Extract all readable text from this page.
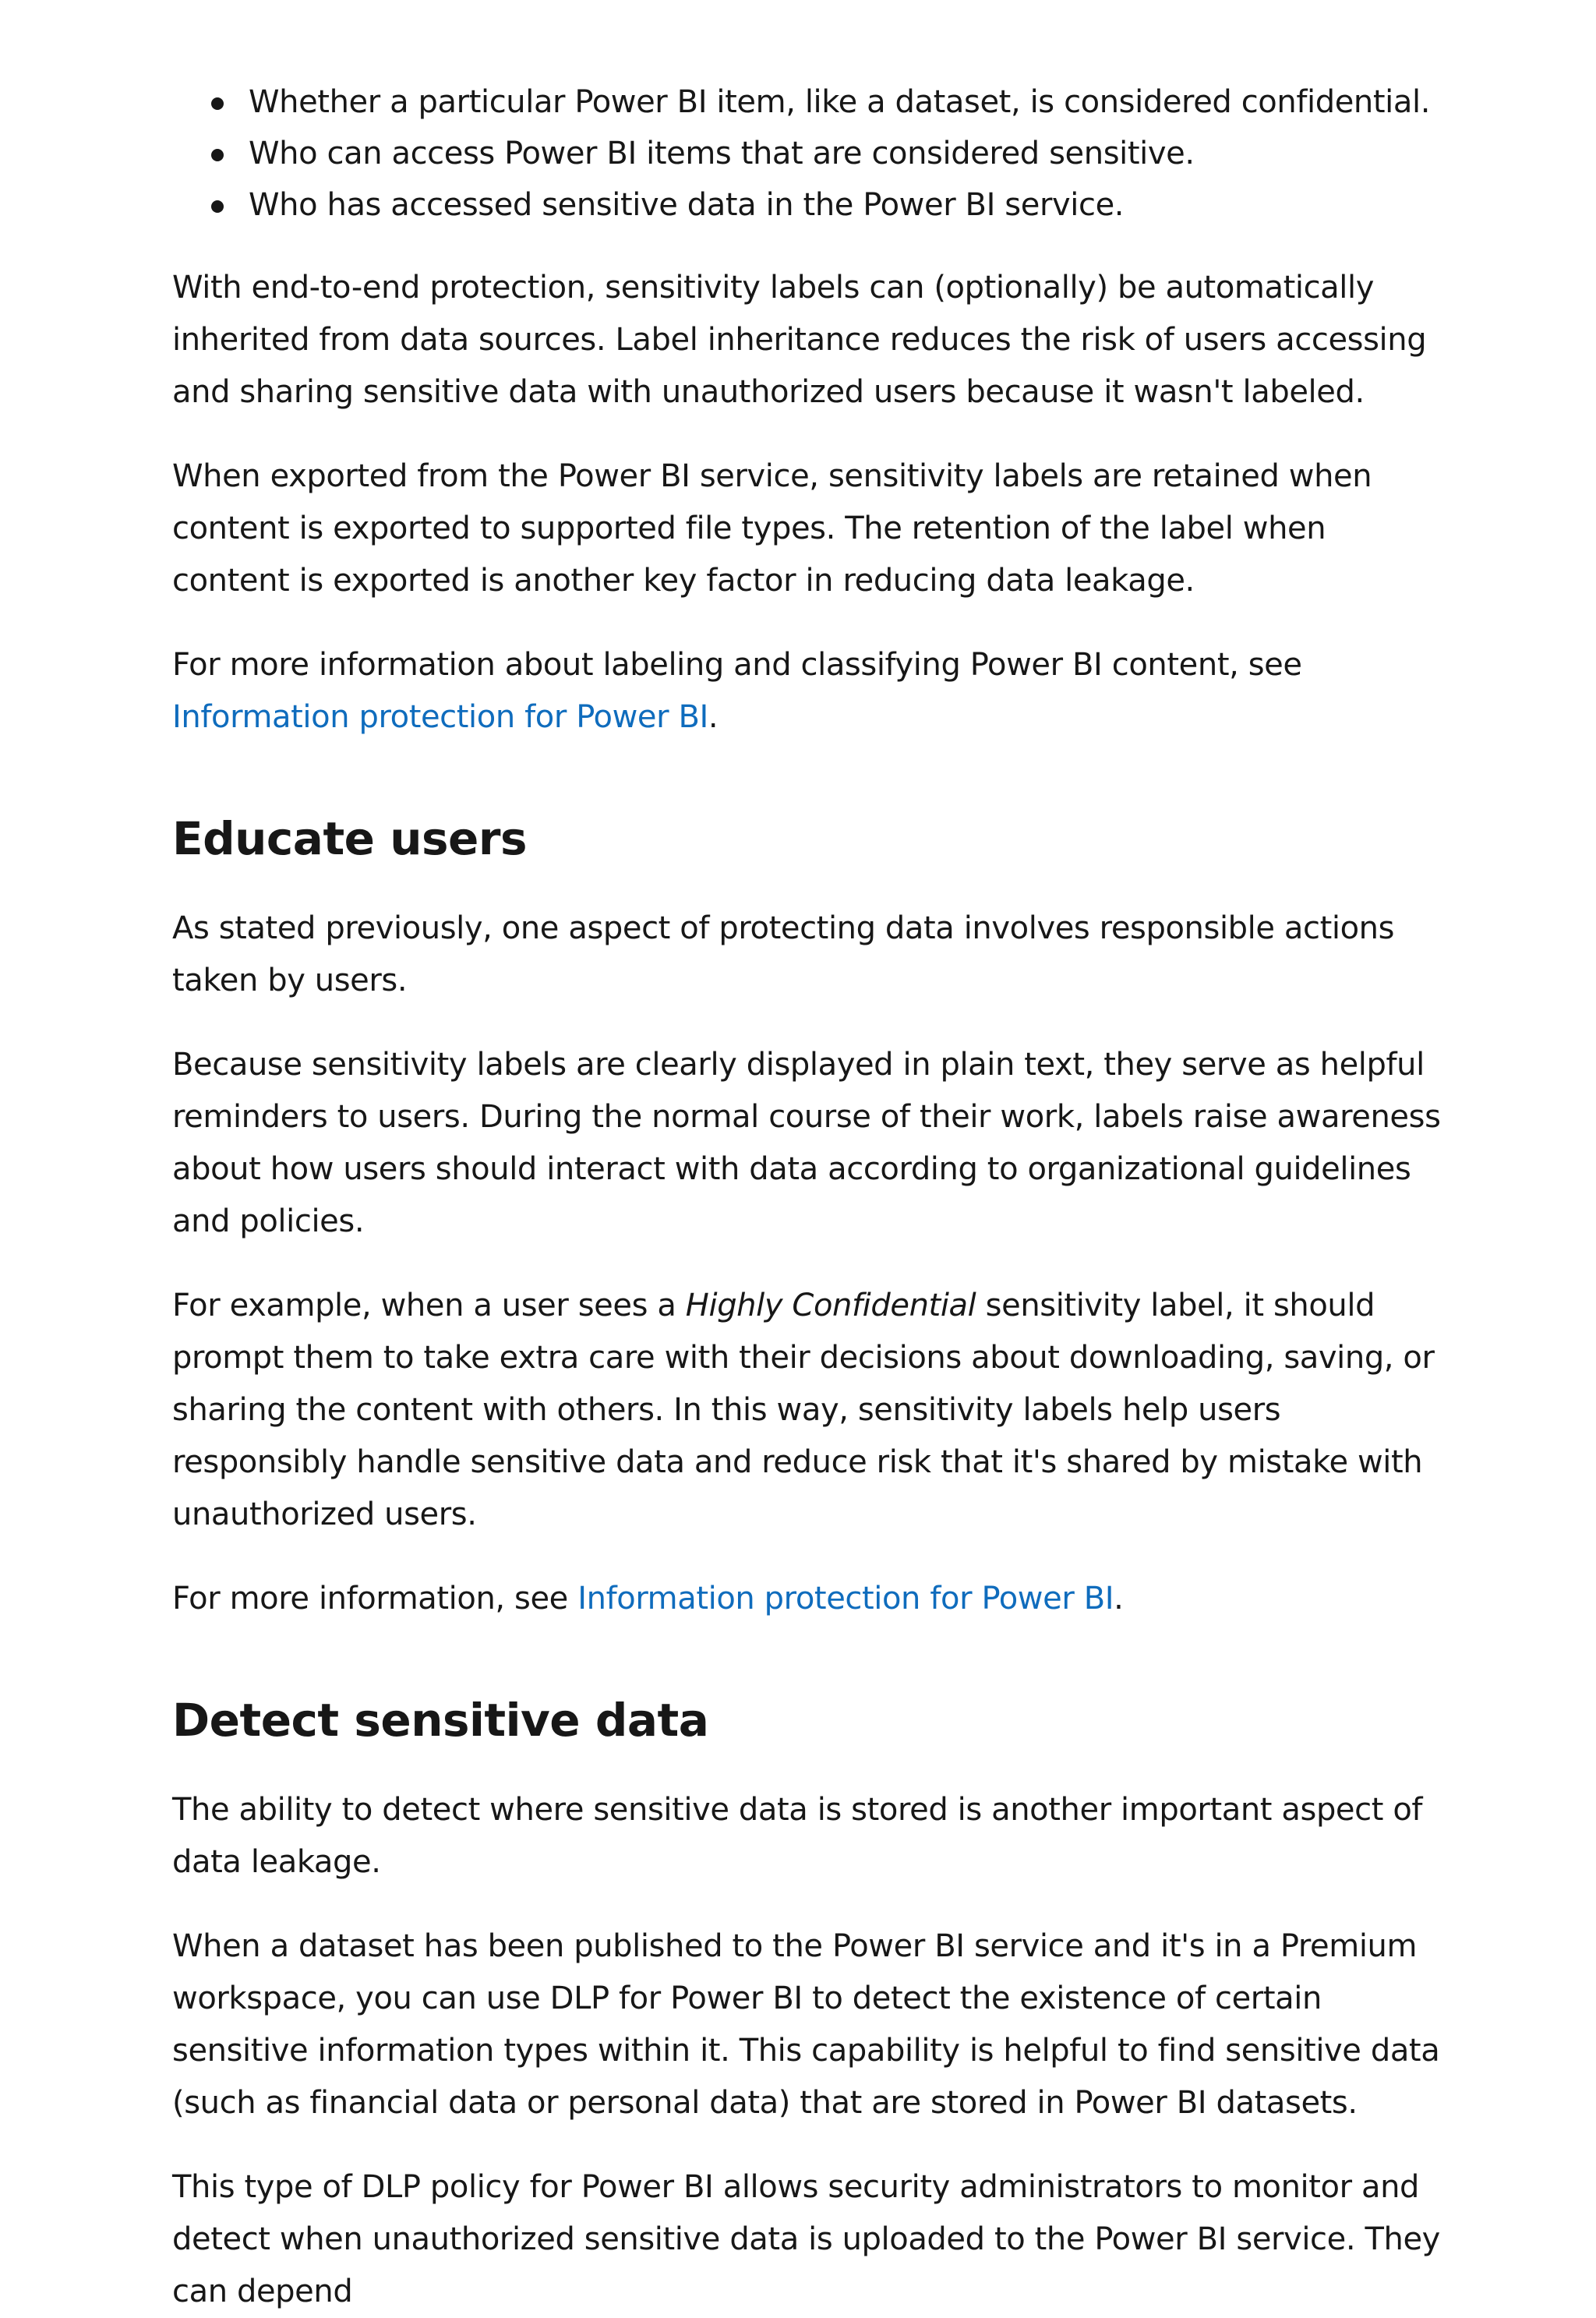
Whether a particular Power BI item, like a dataset, is considered confidential.
Who can access Power BI items that are considered sensitive.
Who has accessed sensitive data in the Power BI service.

With end-to-end protection, sensitivity labels can (optionally) be automatically inherited from data sources. Label inheritance reduces the risk of users accessing and sharing sensitive data with unauthorized users because it wasn't labeled.

When exported from the Power BI service, sensitivity labels are retained when content is exported to supported file types. The retention of the label when content is exported is another key factor in reducing data leakage.

For more information about labeling and classifying Power BI content, see Information protection for Power BI.

Educate users

As stated previously, one aspect of protecting data involves responsible actions taken by users.

Because sensitivity labels are clearly displayed in plain text, they serve as helpful reminders to users. During the normal course of their work, labels raise awareness about how users should interact with data according to organizational guidelines and policies.

For example, when a user sees a Highly Confidential sensitivity label, it should prompt them to take extra care with their decisions about downloading, saving, or sharing the content with others. In this way, sensitivity labels help users responsibly handle sensitive data and reduce risk that it's shared by mistake with unauthorized users.

For more information, see Information protection for Power BI.

Detect sensitive data

The ability to detect where sensitive data is stored is another important aspect of data leakage.

When a dataset has been published to the Power BI service and it's in a Premium workspace, you can use DLP for Power BI to detect the existence of certain sensitive information types within it. This capability is helpful to find sensitive data (such as financial data or personal data) that are stored in Power BI datasets.

This type of DLP policy for Power BI allows security administrators to monitor and detect when unauthorized sensitive data is uploaded to the Power BI service. They can depend
